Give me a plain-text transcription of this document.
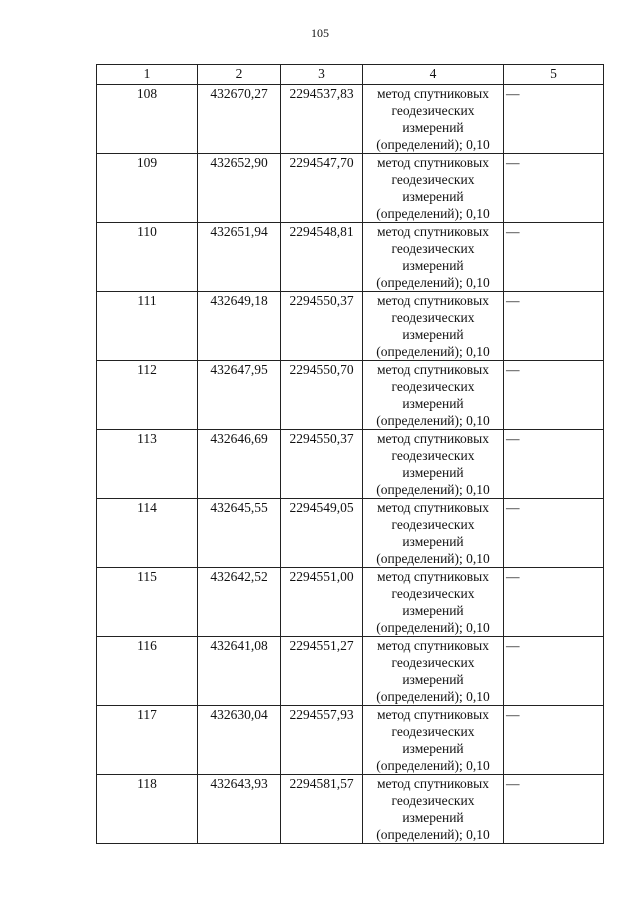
105
1	2	3	4	5
108	432670,27	2294537,83	метод спутниковых геодезических измерений (определений); 0,10	—
109	432652,90	2294547,70	метод спутниковых геодезических измерений (определений); 0,10	—
110	432651,94	2294548,81	метод спутниковых геодезических измерений (определений); 0,10	—
111	432649,18	2294550,37	метод спутниковых геодезических измерений (определений); 0,10	—
112	432647,95	2294550,70	метод спутниковых геодезических измерений (определений); 0,10	—
113	432646,69	2294550,37	метод спутниковых геодезических измерений (определений); 0,10	—
114	432645,55	2294549,05	метод спутниковых геодезических измерений (определений); 0,10	—
115	432642,52	2294551,00	метод спутниковых геодезических измерений (определений); 0,10	—
116	432641,08	2294551,27	метод спутниковых геодезических измерений (определений); 0,10	—
117	432630,04	2294557,93	метод спутниковых геодезических измерений (определений); 0,10	—
118	432643,93	2294581,57	метод спутниковых геодезических измерений (определений); 0,10	—
